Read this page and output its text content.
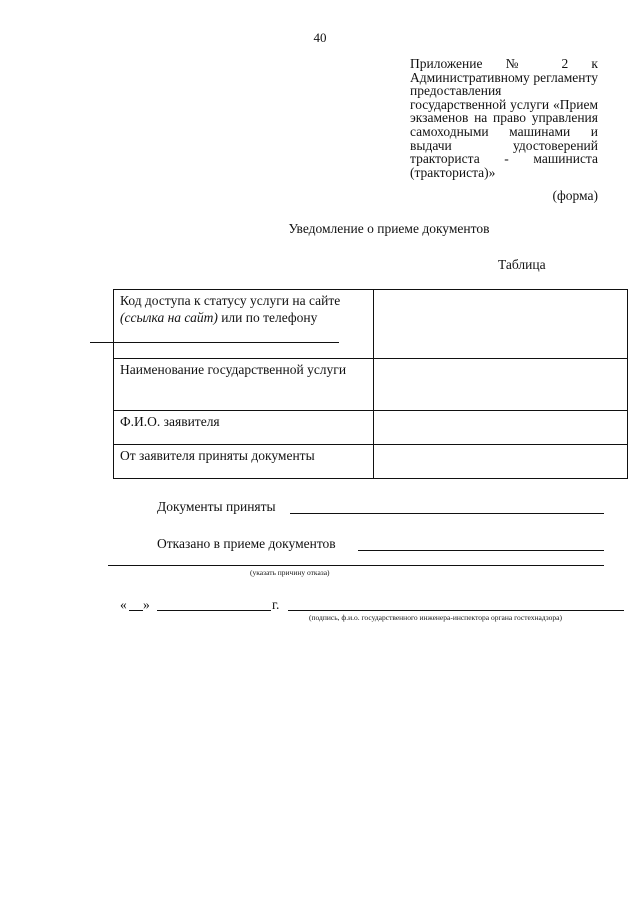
40
Приложение № 2 к Административному регламенту предоставления государственной услуги «Прием экзаменов на право управления самоходными машинами и выдачи удостоверений тракториста - машиниста (тракториста)»
(форма)
Уведомление о приеме документов
Таблица
Код доступа к статусу услуги на сайте
(ссылка на сайт) или по телефону	
Наименование государственной услуги	
Ф.И.О. заявителя	
От заявителя приняты документы	
Документы приняты
Отказано в приеме документов
(указать причину отказа)
« »	г.
(подпись, ф.и.о. государственного инженера-инспектора органа гостехнадзора)
